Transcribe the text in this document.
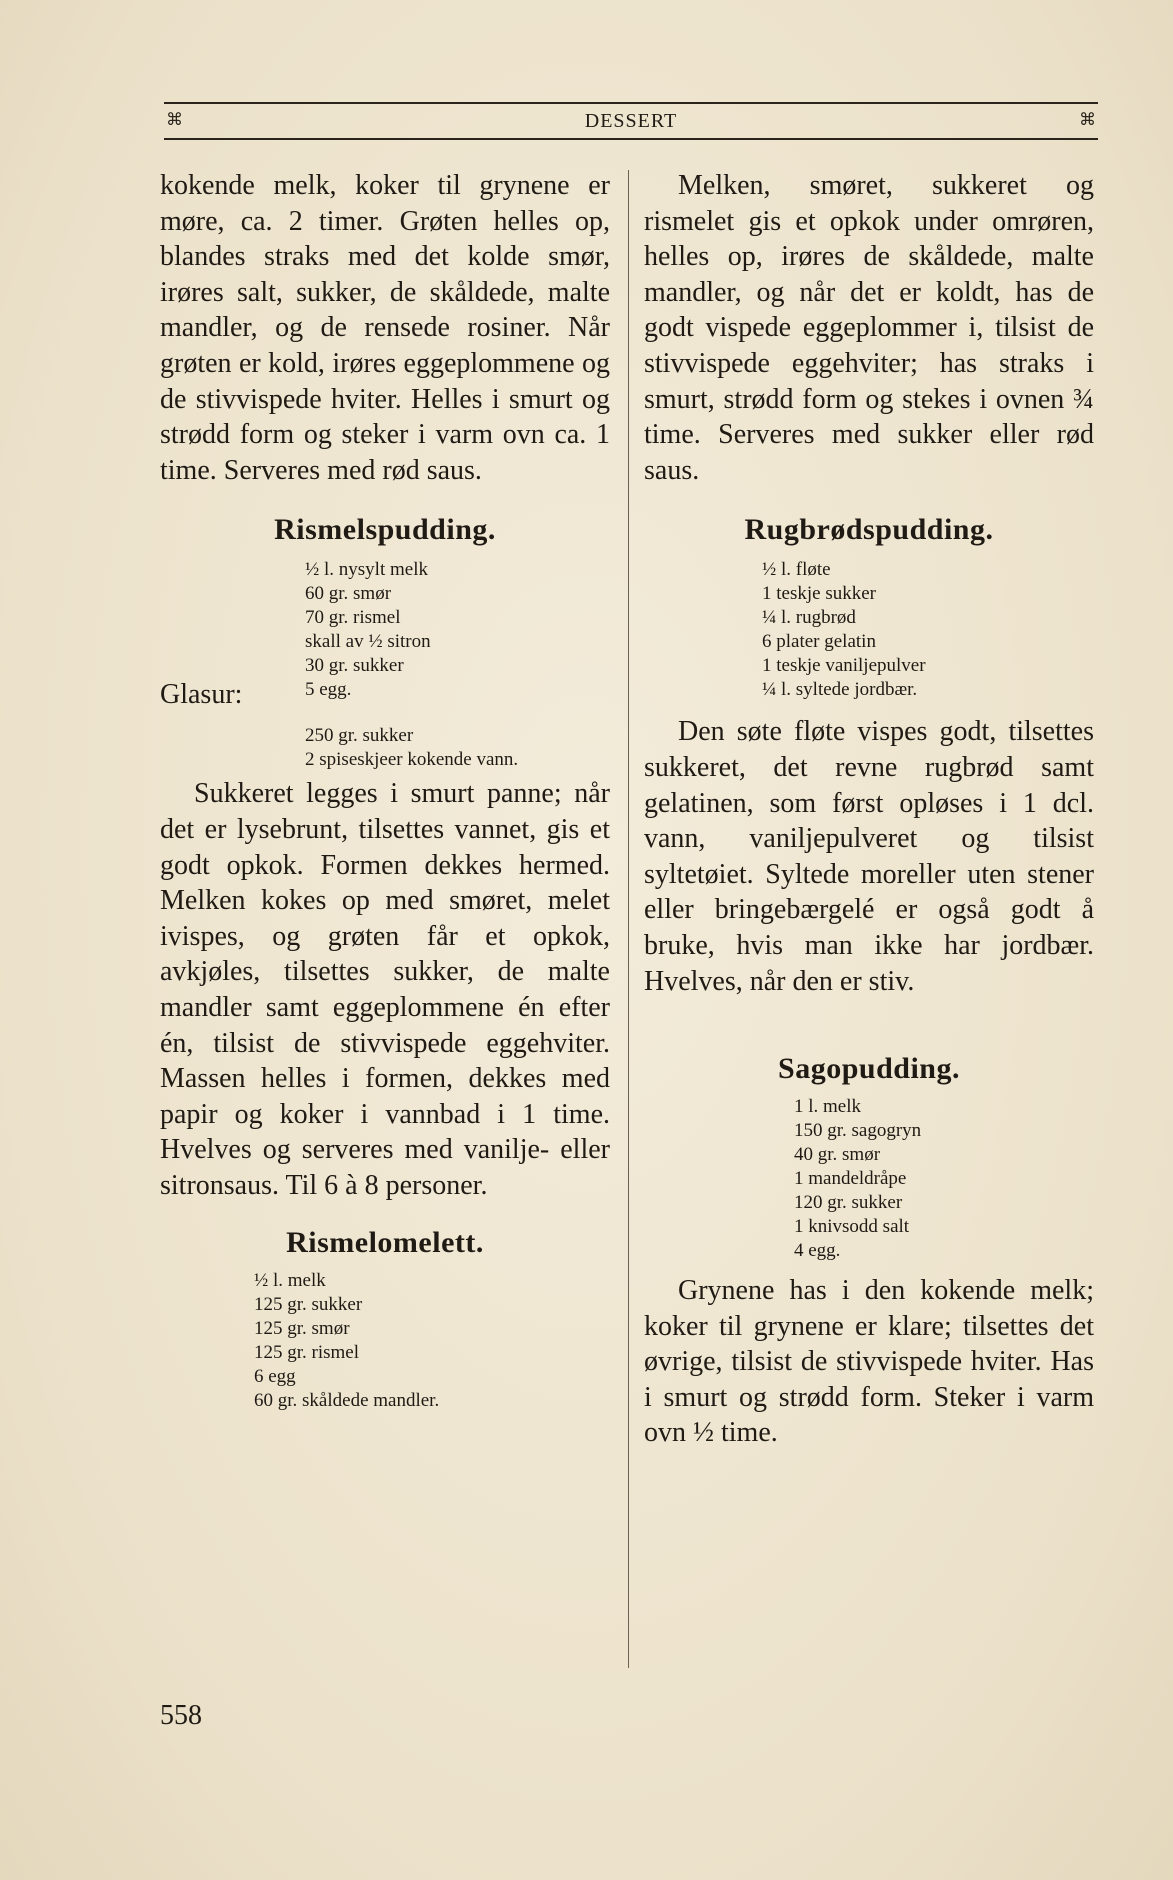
⌘	DESSERT	⌘

kokende melk, koker til grynene er møre, ca. 2 timer. Grøten helles op, blandes straks med det kolde smør, irøres salt, sukker, de skåldede, malte mandler, og de rensede rosiner. Når grøten er kold, irøres eggeplommene og de stivvispede hviter. Helles i smurt og strødd form og steker i varm ovn ca. 1 time. Serveres med rød saus.

Rismelspudding.
½ l. nysylt melk
60 gr. smør
70 gr. rismel
skall av ½ sitron
30 gr. sukker
5 egg.
Glasur:
250 gr. sukker
2 spiseskjeer kokende vann.

Sukkeret legges i smurt panne; når det er lysebrunt, tilsettes vannet, gis et godt opkok. Formen dekkes hermed. Melken kokes op med smøret, melet ivispes, og grøten får et opkok, avkjøles, tilsettes sukker, de malte mandler samt eggeplommene én efter én, tilsist de stivvispede eggehviter. Massen helles i formen, dekkes med papir og koker i vannbad i 1 time. Hvelves og serveres med vanilje- eller sitronsaus. Til 6 à 8 personer.

Rismelomelett.
½ l. melk
125 gr. sukker
125 gr. smør
125 gr. rismel
6 egg
60 gr. skåldede mandler.

Melken, smøret, sukkeret og rismelet gis et opkok under omrøren, helles op, irøres de skåldede, malte mandler, og når det er koldt, has de godt vispede eggeplommer i, tilsist de stivvispede eggehviter; has straks i smurt, strødd form og stekes i ovnen ¾ time. Serveres med sukker eller rød saus.

Rugbrødspudding.
½ l. fløte
1 teskje sukker
¼ l. rugbrød
6 plater gelatin
1 teskje vaniljepulver
¼ l. syltede jordbær.

Den søte fløte vispes godt, tilsettes sukkeret, det revne rugbrød samt gelatinen, som først opløses i 1 dcl. vann, vaniljepulveret og tilsist syltetøiet. Syltede moreller uten stener eller bringebærgelé er også godt å bruke, hvis man ikke har jordbær. Hvelves, når den er stiv.

Sagopudding.
1 l. melk
150 gr. sagogryn
40 gr. smør
1 mandeldråpe
120 gr. sukker
1 knivsodd salt
4 egg.

Grynene has i den kokende melk; koker til grynene er klare; tilsettes det øvrige, tilsist de stivvispede hviter. Has i smurt og strødd form. Steker i varm ovn ½ time.

558
